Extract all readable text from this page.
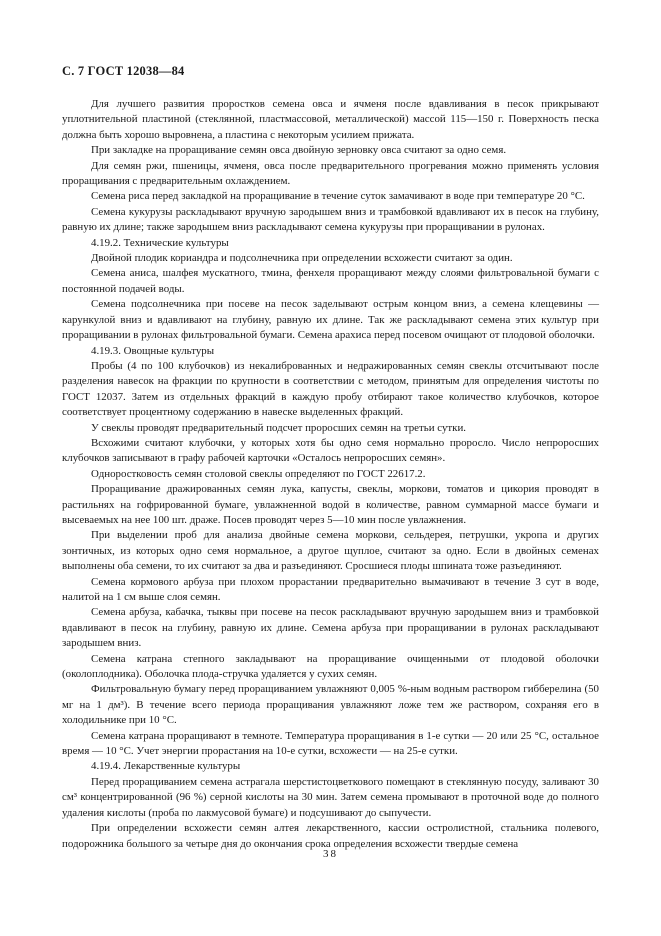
С. 7 ГОСТ 12038—84

Для лучшего развития проростков семена овса и ячменя после вдавливания в песок прикрывают уплотнительной пластиной (стеклянной, пластмассовой, металлической) массой 115—150 г. Поверхность песка должна быть хорошо выровнена, а пластина с некоторым усилием прижата.

При закладке на проращивание семян овса двойную зерновку овса считают за одно семя.

Для семян ржи, пшеницы, ячменя, овса после предварительного прогревания можно применять условия проращивания с предварительным охлаждением.

Семена риса перед закладкой на проращивание в течение суток замачивают в воде при температуре 20 °С.

Семена кукурузы раскладывают вручную зародышем вниз и трамбовкой вдавливают их в песок на глубину, равную их длине; также зародышем вниз раскладывают семена кукурузы при проращивании в рулонах.

4.19.2. Технические культуры

Двойной плодик кориандра и подсолнечника при определении всхожести считают за один.

Семена аниса, шалфея мускатного, тмина, фенхеля проращивают между слоями фильтровальной бумаги с постоянной подачей воды.

Семена подсолнечника при посеве на песок заделывают острым концом вниз, а семена клещевины — карункулой вниз и вдавливают на глубину, равную их длине. Так же раскладывают семена этих культур при проращивании в рулонах фильтровальной бумаги. Семена арахиса перед посевом очищают от плодовой оболочки.

4.19.3. Овощные культуры

Пробы (4 по 100 клубочков) из некалиброванных и недражированных семян свеклы отсчитывают после разделения навесок на фракции по крупности в соответствии с методом, принятым для определения чистоты по ГОСТ 12037. Затем из отдельных фракций в каждую пробу отбирают такое количество клубочков, которое соответствует процентному содержанию в навеске выделенных фракций.

У свеклы проводят предварительный подсчет проросших семян на третьи сутки.

Всхожими считают клубочки, у которых хотя бы одно семя нормально проросло. Число непроросших клубочков записывают в графу рабочей карточки «Осталось непроросших семян».

Одноростковость семян столовой свеклы определяют по ГОСТ 22617.2.

Проращивание дражированных семян лука, капусты, свеклы, моркови, томатов и цикория проводят в растильнях на гофрированной бумаге, увлажненной водой в количестве, равном суммарной массе бумаги и высеваемых на нее 100 шт. драже. Посев проводят через 5—10 мин после увлажнения.

При выделении проб для анализа двойные семена моркови, сельдерея, петрушки, укропа и других зонтичных, из которых одно семя нормальное, а другое щуплое, считают за одно. Если в двойных семенах выполнены оба семени, то их считают за два и разъединяют. Сросшиеся плоды шпината тоже разъединяют.

Семена кормового арбуза при плохом прорастании предварительно вымачивают в течение 3 сут в воде, налитой на 1 см выше слоя семян.

Семена арбуза, кабачка, тыквы при посеве на песок раскладывают вручную зародышем вниз и трамбовкой вдавливают в песок на глубину, равную их длине. Семена арбуза при проращивании в рулонах раскладывают зародышем вниз.

Семена катрана степного закладывают на проращивание очищенными от плодовой оболочки (околоплодника). Оболочка плода-стручка удаляется у сухих семян.

Фильтровальную бумагу перед проращиванием увлажняют 0,005 %-ным водным раствором гибберелина (50 мг на 1 дм³). В течение всего периода проращивания увлажняют ложе тем же раствором, сохраняя его в холодильнике при 10 °С.

Семена катрана проращивают в темноте. Температура проращивания в 1-е сутки — 20 или 25 °С, остальное время — 10 °С. Учет энергии прорастания на 10-е сутки, всхожести — на 25-е сутки.

4.19.4. Лекарственные культуры

Перед проращиванием семена астрагала шерстистоцветкового помещают в стеклянную посуду, заливают 30 см³ концентрированной (96 %) серной кислоты на 30 мин. Затем семена промывают в проточной воде до полного удаления кислоты (проба по лакмусовой бумаге) и подсушивают до сыпучести.

При определении всхожести семян алтея лекарственного, кассии остролистной, стальника полевого, подорожника большого за четыре дня до окончания срока определения всхожести твердые семена

38
